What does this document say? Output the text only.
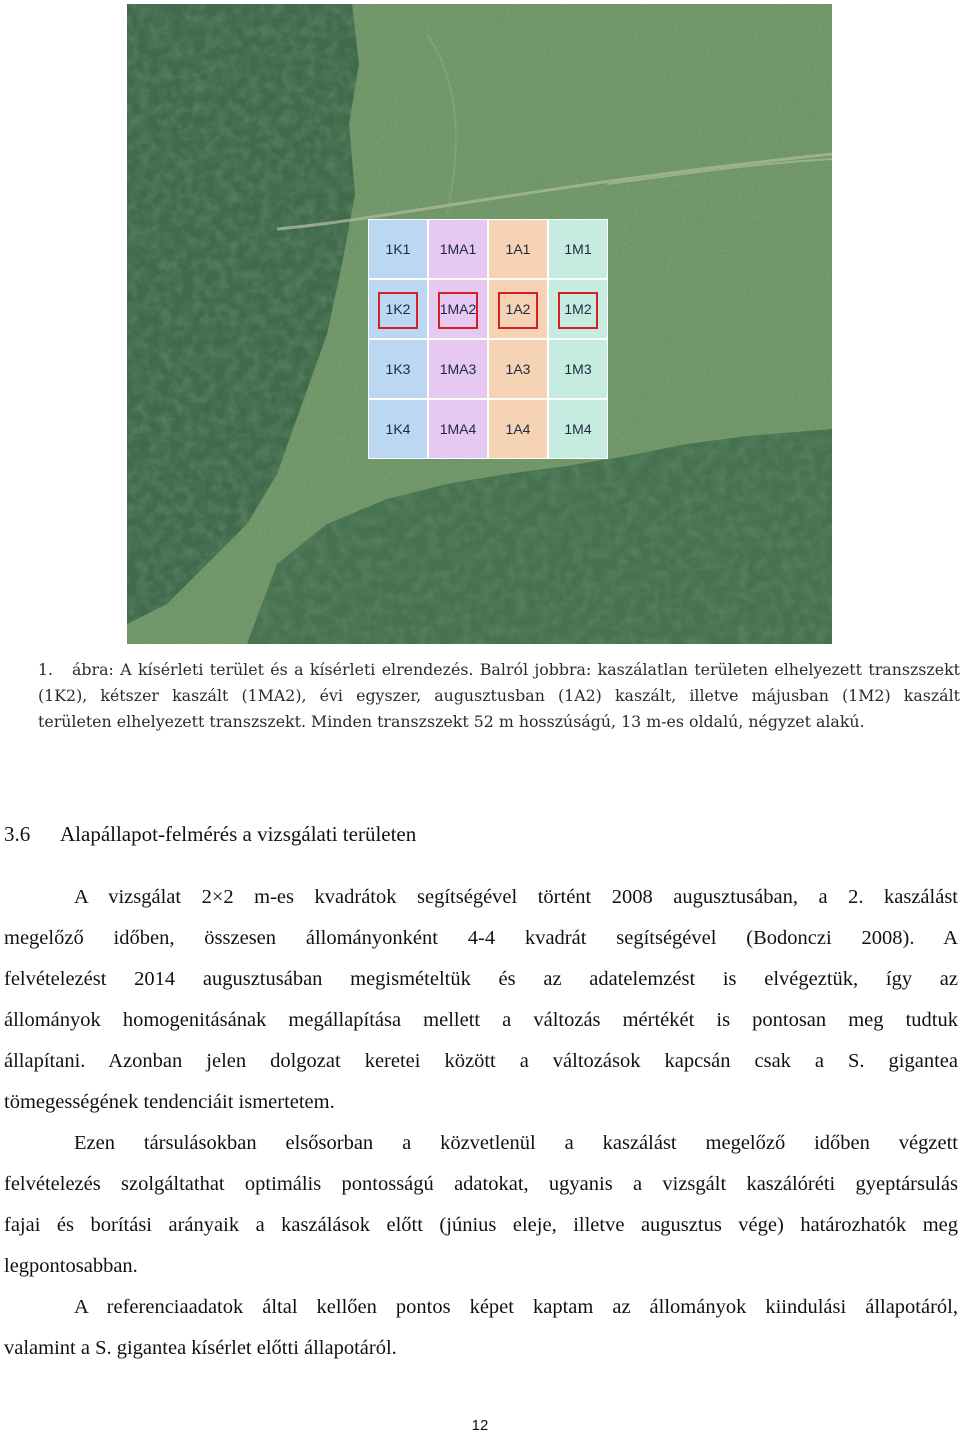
1K1	1MA1	1A1	1M1
1K2	1MA2	1A2	1M2
1K3	1MA3	1A3	1M3
1K4	1MA4	1A4	1M4
1. ábra: A kísérleti terület és a kísérleti elrendezés. Balról jobbra: kaszálatlan területen elhelyezett transzszekt
(1K2), kétszer kaszált (1MA2), évi egyszer, augusztusban (1A2) kaszált, illetve májusban (1M2) kaszált
területen elhelyezett transzszekt. Minden transzszekt 52 m hosszúságú, 13 m-es oldalú, négyzet alakú.

3.6 Alapállapot-felmérés a vizsgálati területen

A vizsgálat 2×2 m-es kvadrátok segítségével történt 2008 augusztusában, a 2. kaszálást
megelőző időben, összesen állományonként 4-4 kvadrát segítségével (Bodonczi 2008). A
felvételezést 2014 augusztusában megismételtük és az adatelemzést is elvégeztük, így az
állományok homogenitásának megállapítása mellett a változás mértékét is pontosan meg tudtuk
állapítani. Azonban jelen dolgozat keretei között a változások kapcsán csak a S. gigantea
tömegességének tendenciáit ismertetem.

Ezen társulásokban elsősorban a közvetlenül a kaszálást megelőző időben végzett
felvételezés szolgáltathat optimális pontosságú adatokat, ugyanis a vizsgált kaszálóréti gyeptársulás
fajai és borítási arányaik a kaszálások előtt (június eleje, illetve augusztus vége) határozhatók meg
legpontosabban.

A referenciaadatok által kellően pontos képet kaptam az állományok kiindulási állapotáról,
valamint a S. gigantea kísérlet előtti állapotáról.

12
